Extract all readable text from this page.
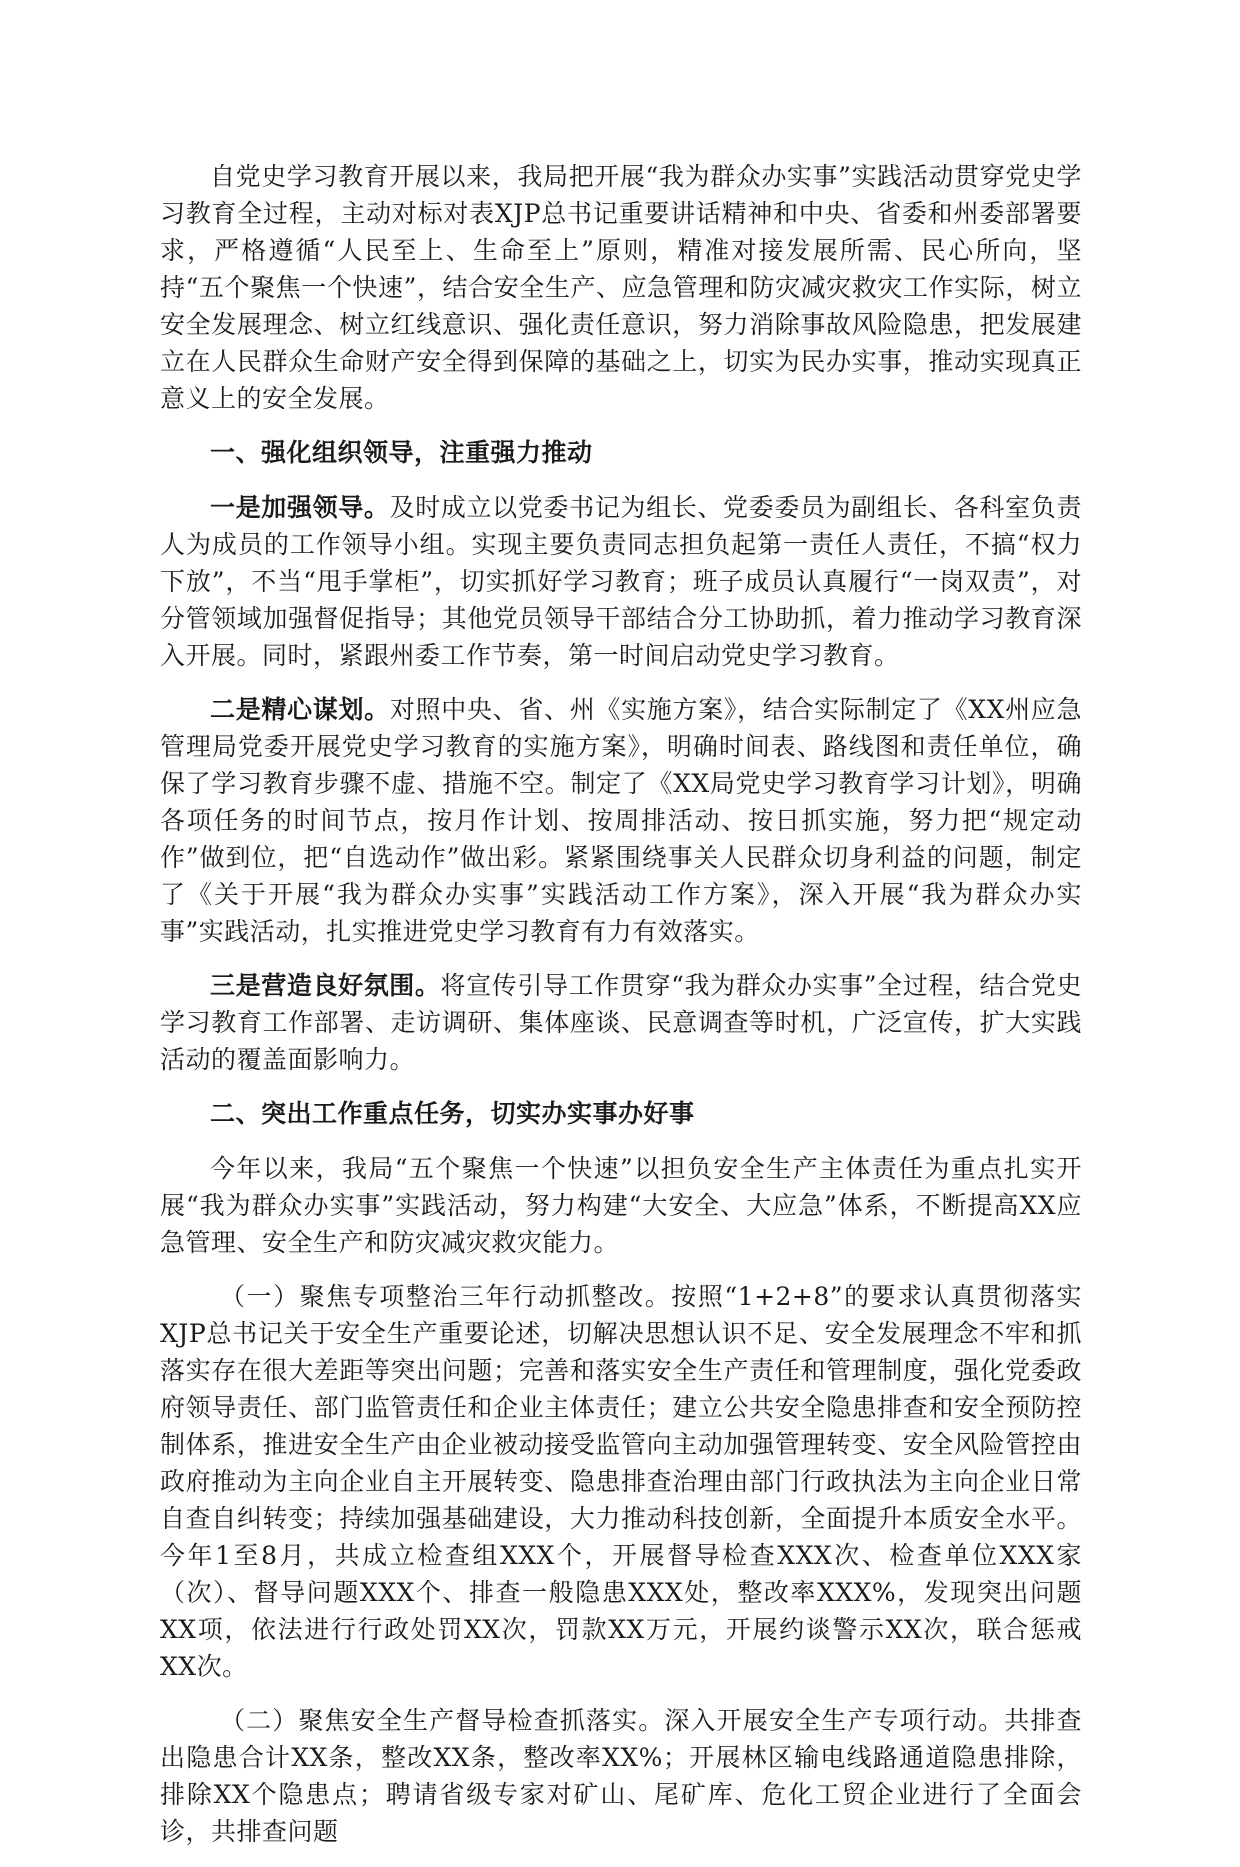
自党史学习教育开展以来，我局把开展“我为群众办实事”实践活动贯穿党史学习教育全过程，主动对标对表XJP总书记重要讲话精神和中央、省委和州委部署要求，严格遵循“人民至上、生命至上”原则，精准对接发展所需、民心所向，坚持“五个聚焦一个快速”，结合安全生产、应急管理和防灾减灾救灾工作实际，树立安全发展理念、树立红线意识、强化责任意识，努力消除事故风险隐患，把发展建立在人民群众生命财产安全得到保障的基础之上，切实为民办实事，推动实现真正意义上的安全发展。

一、强化组织领导，注重强力推动

一是加强领导。及时成立以党委书记为组长、党委委员为副组长、各科室负责人为成员的工作领导小组。实现主要负责同志担负起第一责任人责任，不搞“权力下放”，不当“甩手掌柜”，切实抓好学习教育；班子成员认真履行“一岗双责”，对分管领域加强督促指导；其他党员领导干部结合分工协助抓，着力推动学习教育深入开展。同时，紧跟州委工作节奏，第一时间启动党史学习教育。

二是精心谋划。对照中央、省、州《实施方案》，结合实际制定了《XX州应急管理局党委开展党史学习教育的实施方案》，明确时间表、路线图和责任单位，确保了学习教育步骤不虚、措施不空。制定了《XX局党史学习教育学习计划》，明确各项任务的时间节点，按月作计划、按周排活动、按日抓实施，努力把“规定动作”做到位，把“自选动作”做出彩。紧紧围绕事关人民群众切身利益的问题，制定了《关于开展“我为群众办实事”实践活动工作方案》，深入开展“我为群众办实事”实践活动，扎实推进党史学习教育有力有效落实。

三是营造良好氛围。将宣传引导工作贯穿“我为群众办实事”全过程，结合党史学习教育工作部署、走访调研、集体座谈、民意调查等时机，广泛宣传，扩大实践活动的覆盖面影响力。

二、突出工作重点任务，切实办实事办好事

今年以来，我局“五个聚焦一个快速”以担负安全生产主体责任为重点扎实开展“我为群众办实事”实践活动，努力构建“大安全、大应急”体系，不断提高XX应急管理、安全生产和防灾减灾救灾能力。

（一）聚焦专项整治三年行动抓整改。按照“1+2+8”的要求认真贯彻落实XJP总书记关于安全生产重要论述，切解决思想认识不足、安全发展理念不牢和抓落实存在很大差距等突出问题；完善和落实安全生产责任和管理制度，强化党委政府领导责任、部门监管责任和企业主体责任；建立公共安全隐患排查和安全预防控制体系，推进安全生产由企业被动接受监管向主动加强管理转变、安全风险管控由政府推动为主向企业自主开展转变、隐患排查治理由部门行政执法为主向企业日常自查自纠转变；持续加强基础建设，大力推动科技创新，全面提升本质安全水平。今年1至8月，共成立检查组XXX个，开展督导检查XXX次、检查单位XXX家（次）、督导问题XXX个、排查一般隐患XXX处，整改率XXX%，发现突出问题XX项，依法进行行政处罚XX次，罚款XX万元，开展约谈警示XX次，联合惩戒XX次。

（二）聚焦安全生产督导检查抓落实。深入开展安全生产专项行动。共排查出隐患合计XX条，整改XX条，整改率XX%；开展林区输电线路通道隐患排除，排除XX个隐患点；聘请省级专家对矿山、尾矿库、危化工贸企业进行了全面会诊，共排查问题
